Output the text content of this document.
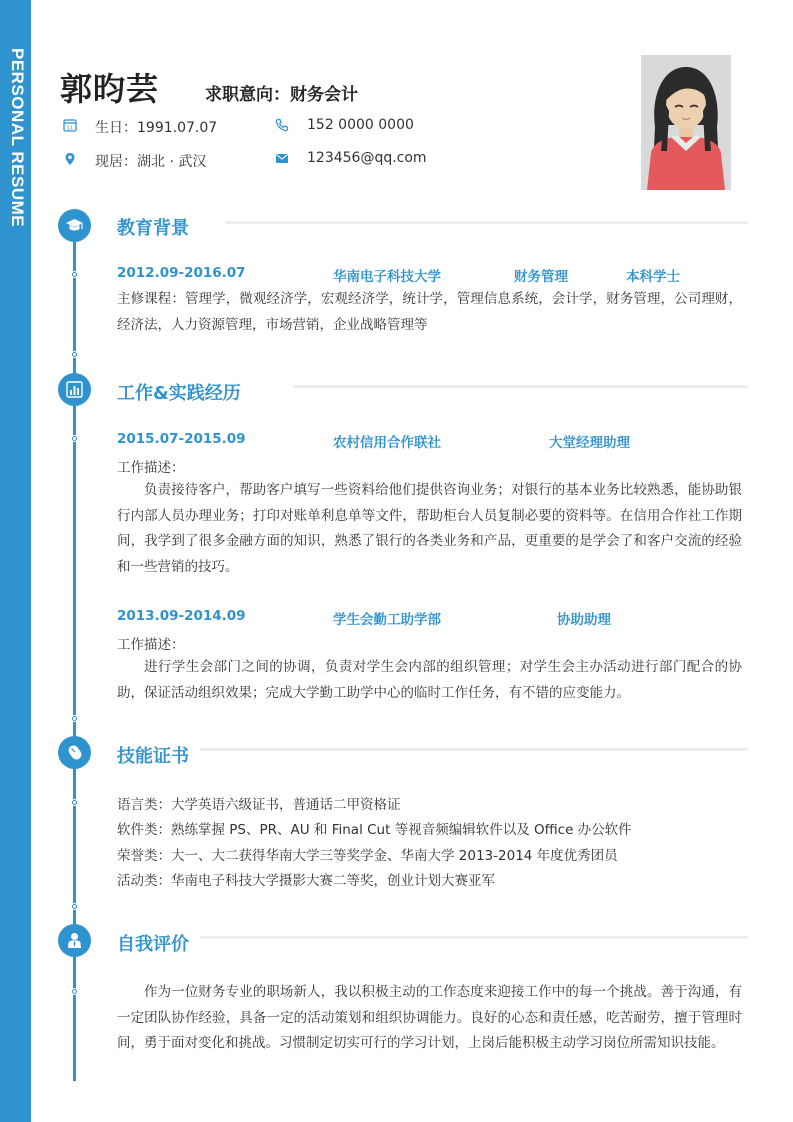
PERSONAL RESUME 郭昀芸	求职意向：财务会计
11 生日：1991.07.07
现居：湖北 · 武汉
152 0000 0000
123456@qq.com
教育背景
2012.09-2016.07	华南电子科技大学	财务管理	本科学士
主修课程：管理学，微观经济学，宏观经济学，统计学，管理信息系统，会计学，财务管理，公司理财，经济法，人力资源管理，市场营销，企业战略管理等
工作&实践经历
2015.07-2015.09	农村信用合作联社	大堂经理助理
工作描述：
负责接待客户，帮助客户填写一些资料给他们提供咨询业务；对银行的基本业务比较熟悉，能协助银行内部人员办理业务；打印对账单利息单等文件，帮助柜台人员复制必要的资料等。在信用合作社工作期间，我学到了很多金融方面的知识，熟悉了银行的各类业务和产品，更重要的是学会了和客户交流的经验和一些营销的技巧。
2013.09-2014.09	学生会勤工助学部	协助助理
工作描述：
进行学生会部门之间的协调，负责对学生会内部的组织管理；对学生会主办活动进行部门配合的协助，保证活动组织效果；完成大学勤工助学中心的临时工作任务，有不错的应变能力。
技能证书
语言类：大学英语六级证书，普通话二甲资格证
软件类：熟练掌握 PS、PR、AU 和 Final Cut 等视音频编辑软件以及 Office 办公软件
荣誉类：大一、大二获得华南大学三等奖学金、华南大学 2013-2014 年度优秀团员
活动类：华南电子科技大学摄影大赛二等奖，创业计划大赛亚军
自我评价
作为一位财务专业的职场新人，我以积极主动的工作态度来迎接工作中的每一个挑战。善于沟通，有一定团队协作经验，具备一定的活动策划和组织协调能力。良好的心态和责任感，吃苦耐劳，擅于管理时间，勇于面对变化和挑战。习惯制定切实可行的学习计划，上岗后能积极主动学习岗位所需知识技能。
